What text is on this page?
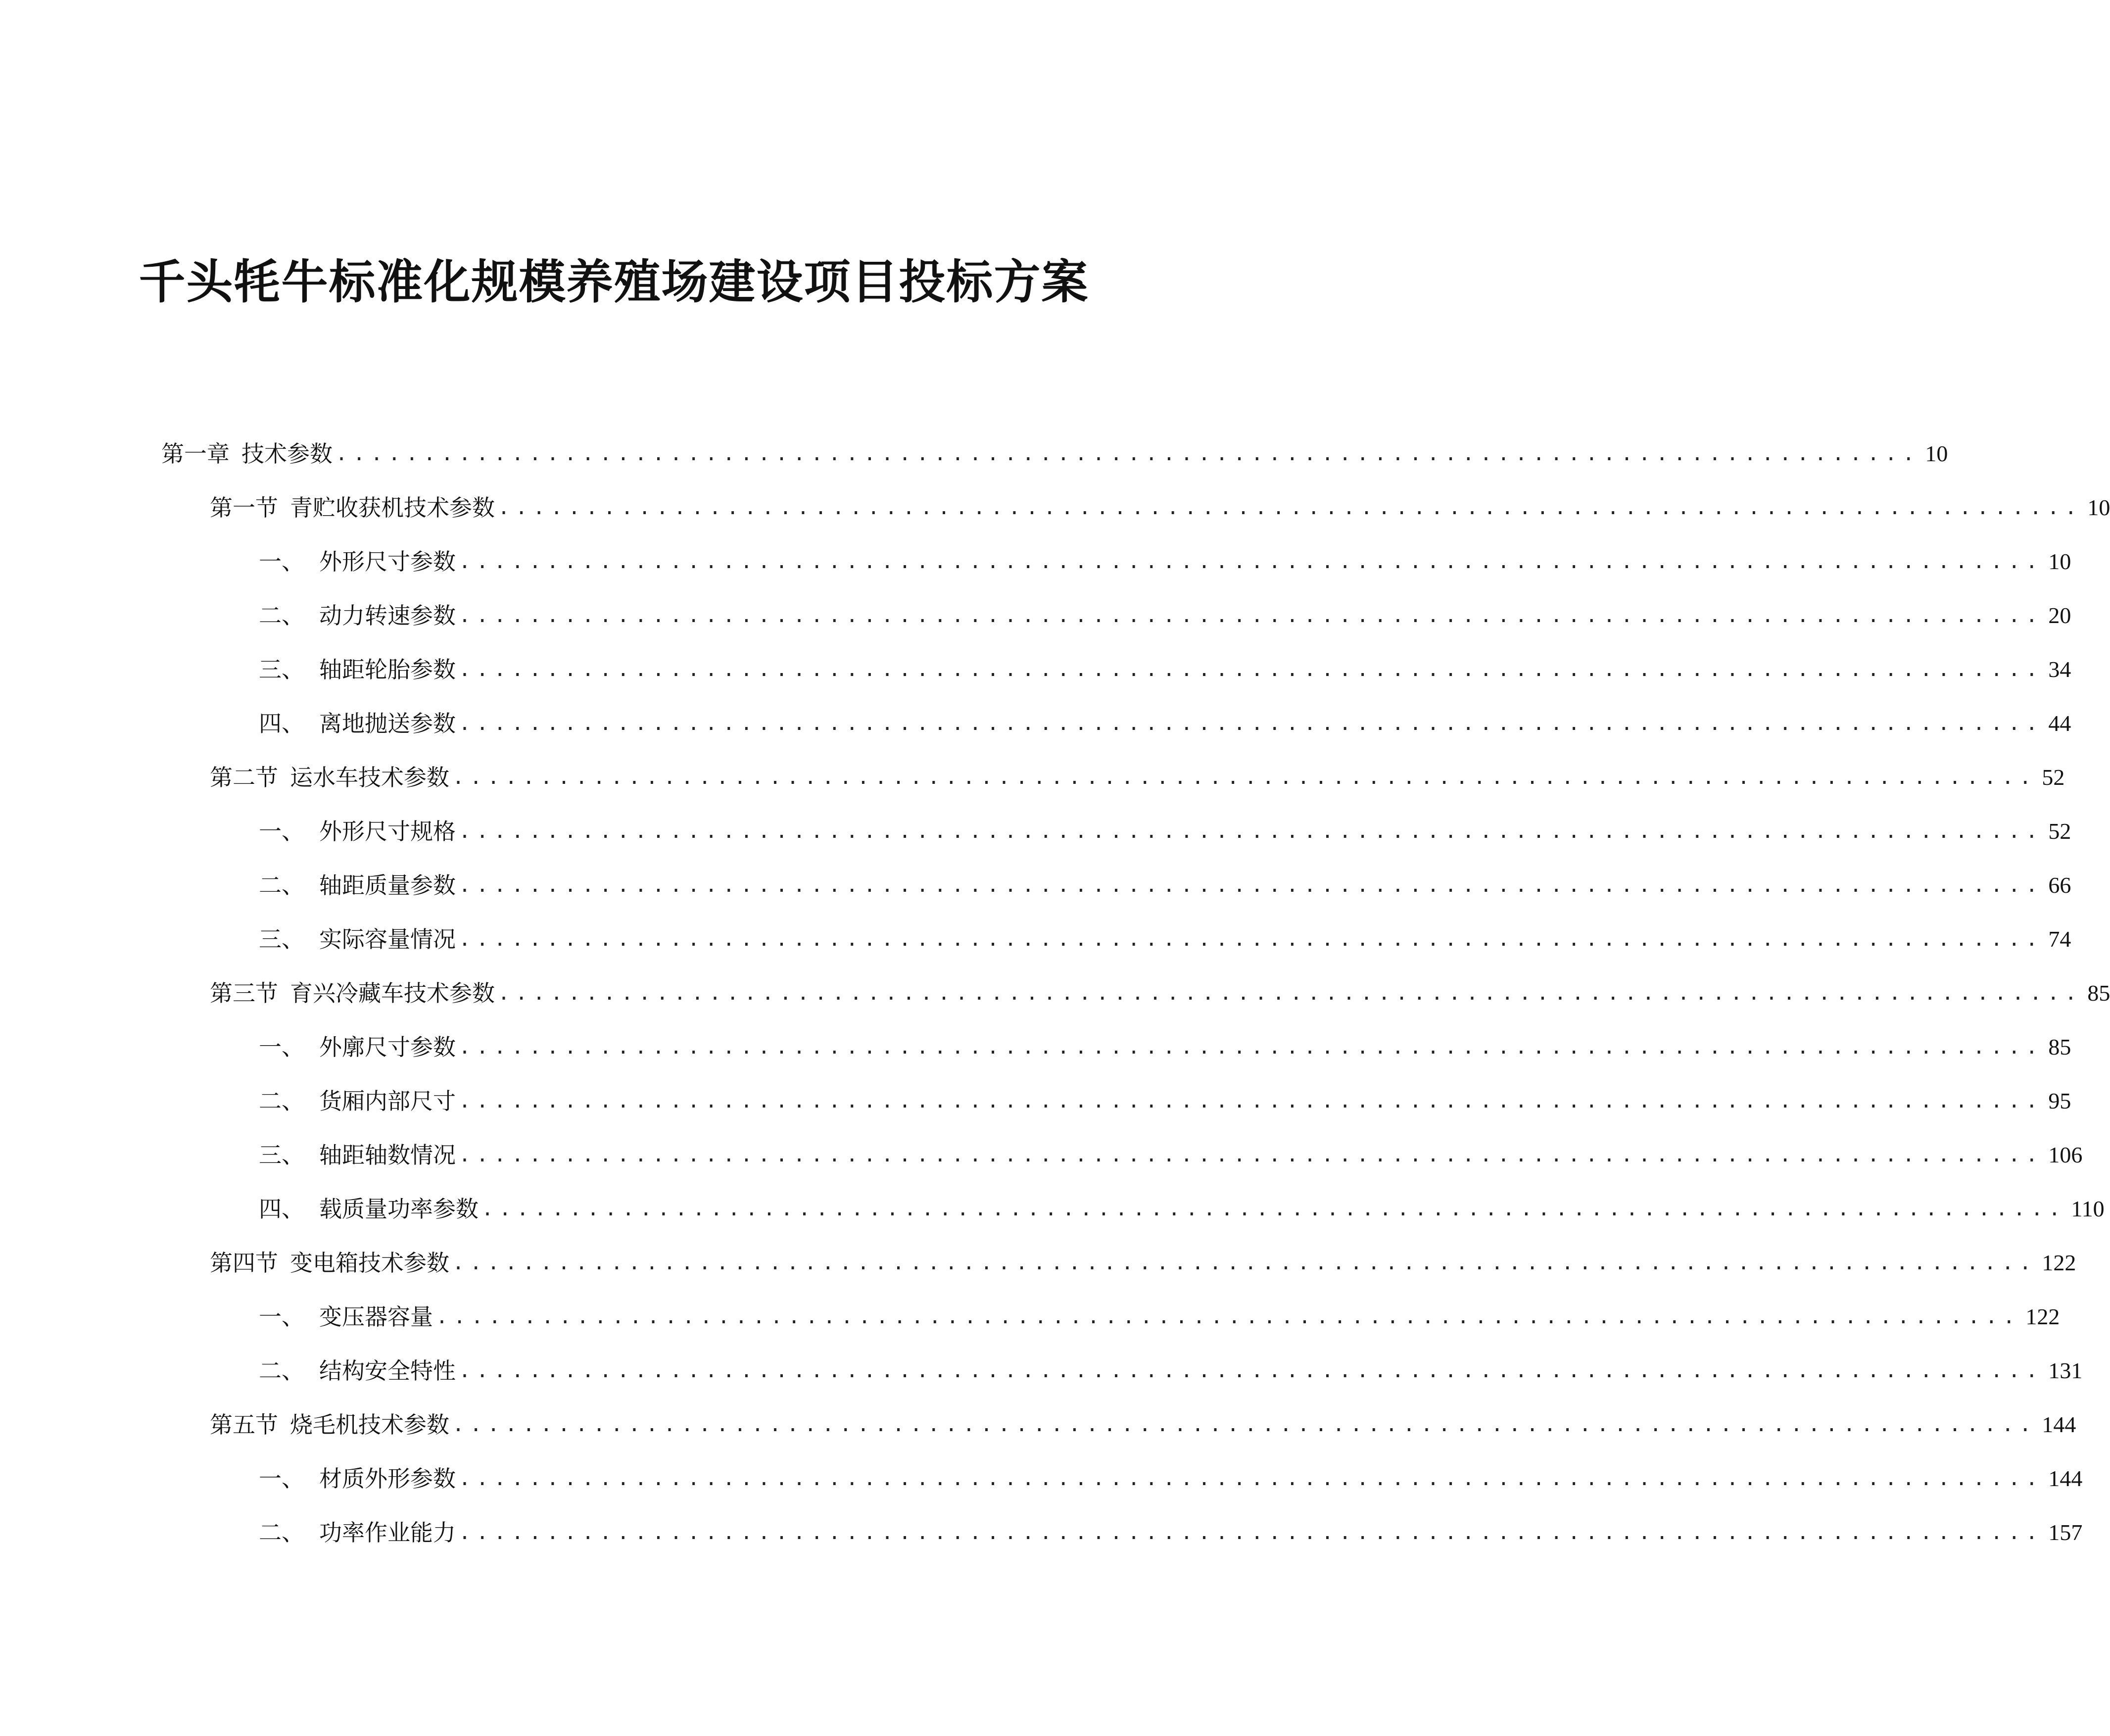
千头牦牛标准化规模养殖场建设项目投标方案
第一章 技术参数 .......................................................................................... 10
第一节 青贮收获机技术参数 .......................................................................................... 10
一、 外形尺寸参数 .......................................................................................... 10
二、 动力转速参数 .......................................................................................... 20
三、 轴距轮胎参数 .......................................................................................... 34
四、 离地抛送参数 .......................................................................................... 44
第二节 运水车技术参数 .......................................................................................... 52
一、 外形尺寸规格 .......................................................................................... 52
二、 轴距质量参数 .......................................................................................... 66
三、 实际容量情况 .......................................................................................... 74
第三节 育兴冷藏车技术参数 .......................................................................................... 85
一、 外廓尺寸参数 .......................................................................................... 85
二、 货厢内部尺寸 .......................................................................................... 95
三、 轴距轴数情况 .......................................................................................... 106
四、 载质量功率参数 .......................................................................................... 110
第四节 变电箱技术参数 .......................................................................................... 122
一、 变压器容量 .......................................................................................... 122
二、 结构安全特性 .......................................................................................... 131
第五节 烧毛机技术参数 .......................................................................................... 144
一、 材质外形参数 .......................................................................................... 144
二、 功率作业能力 .......................................................................................... 157
